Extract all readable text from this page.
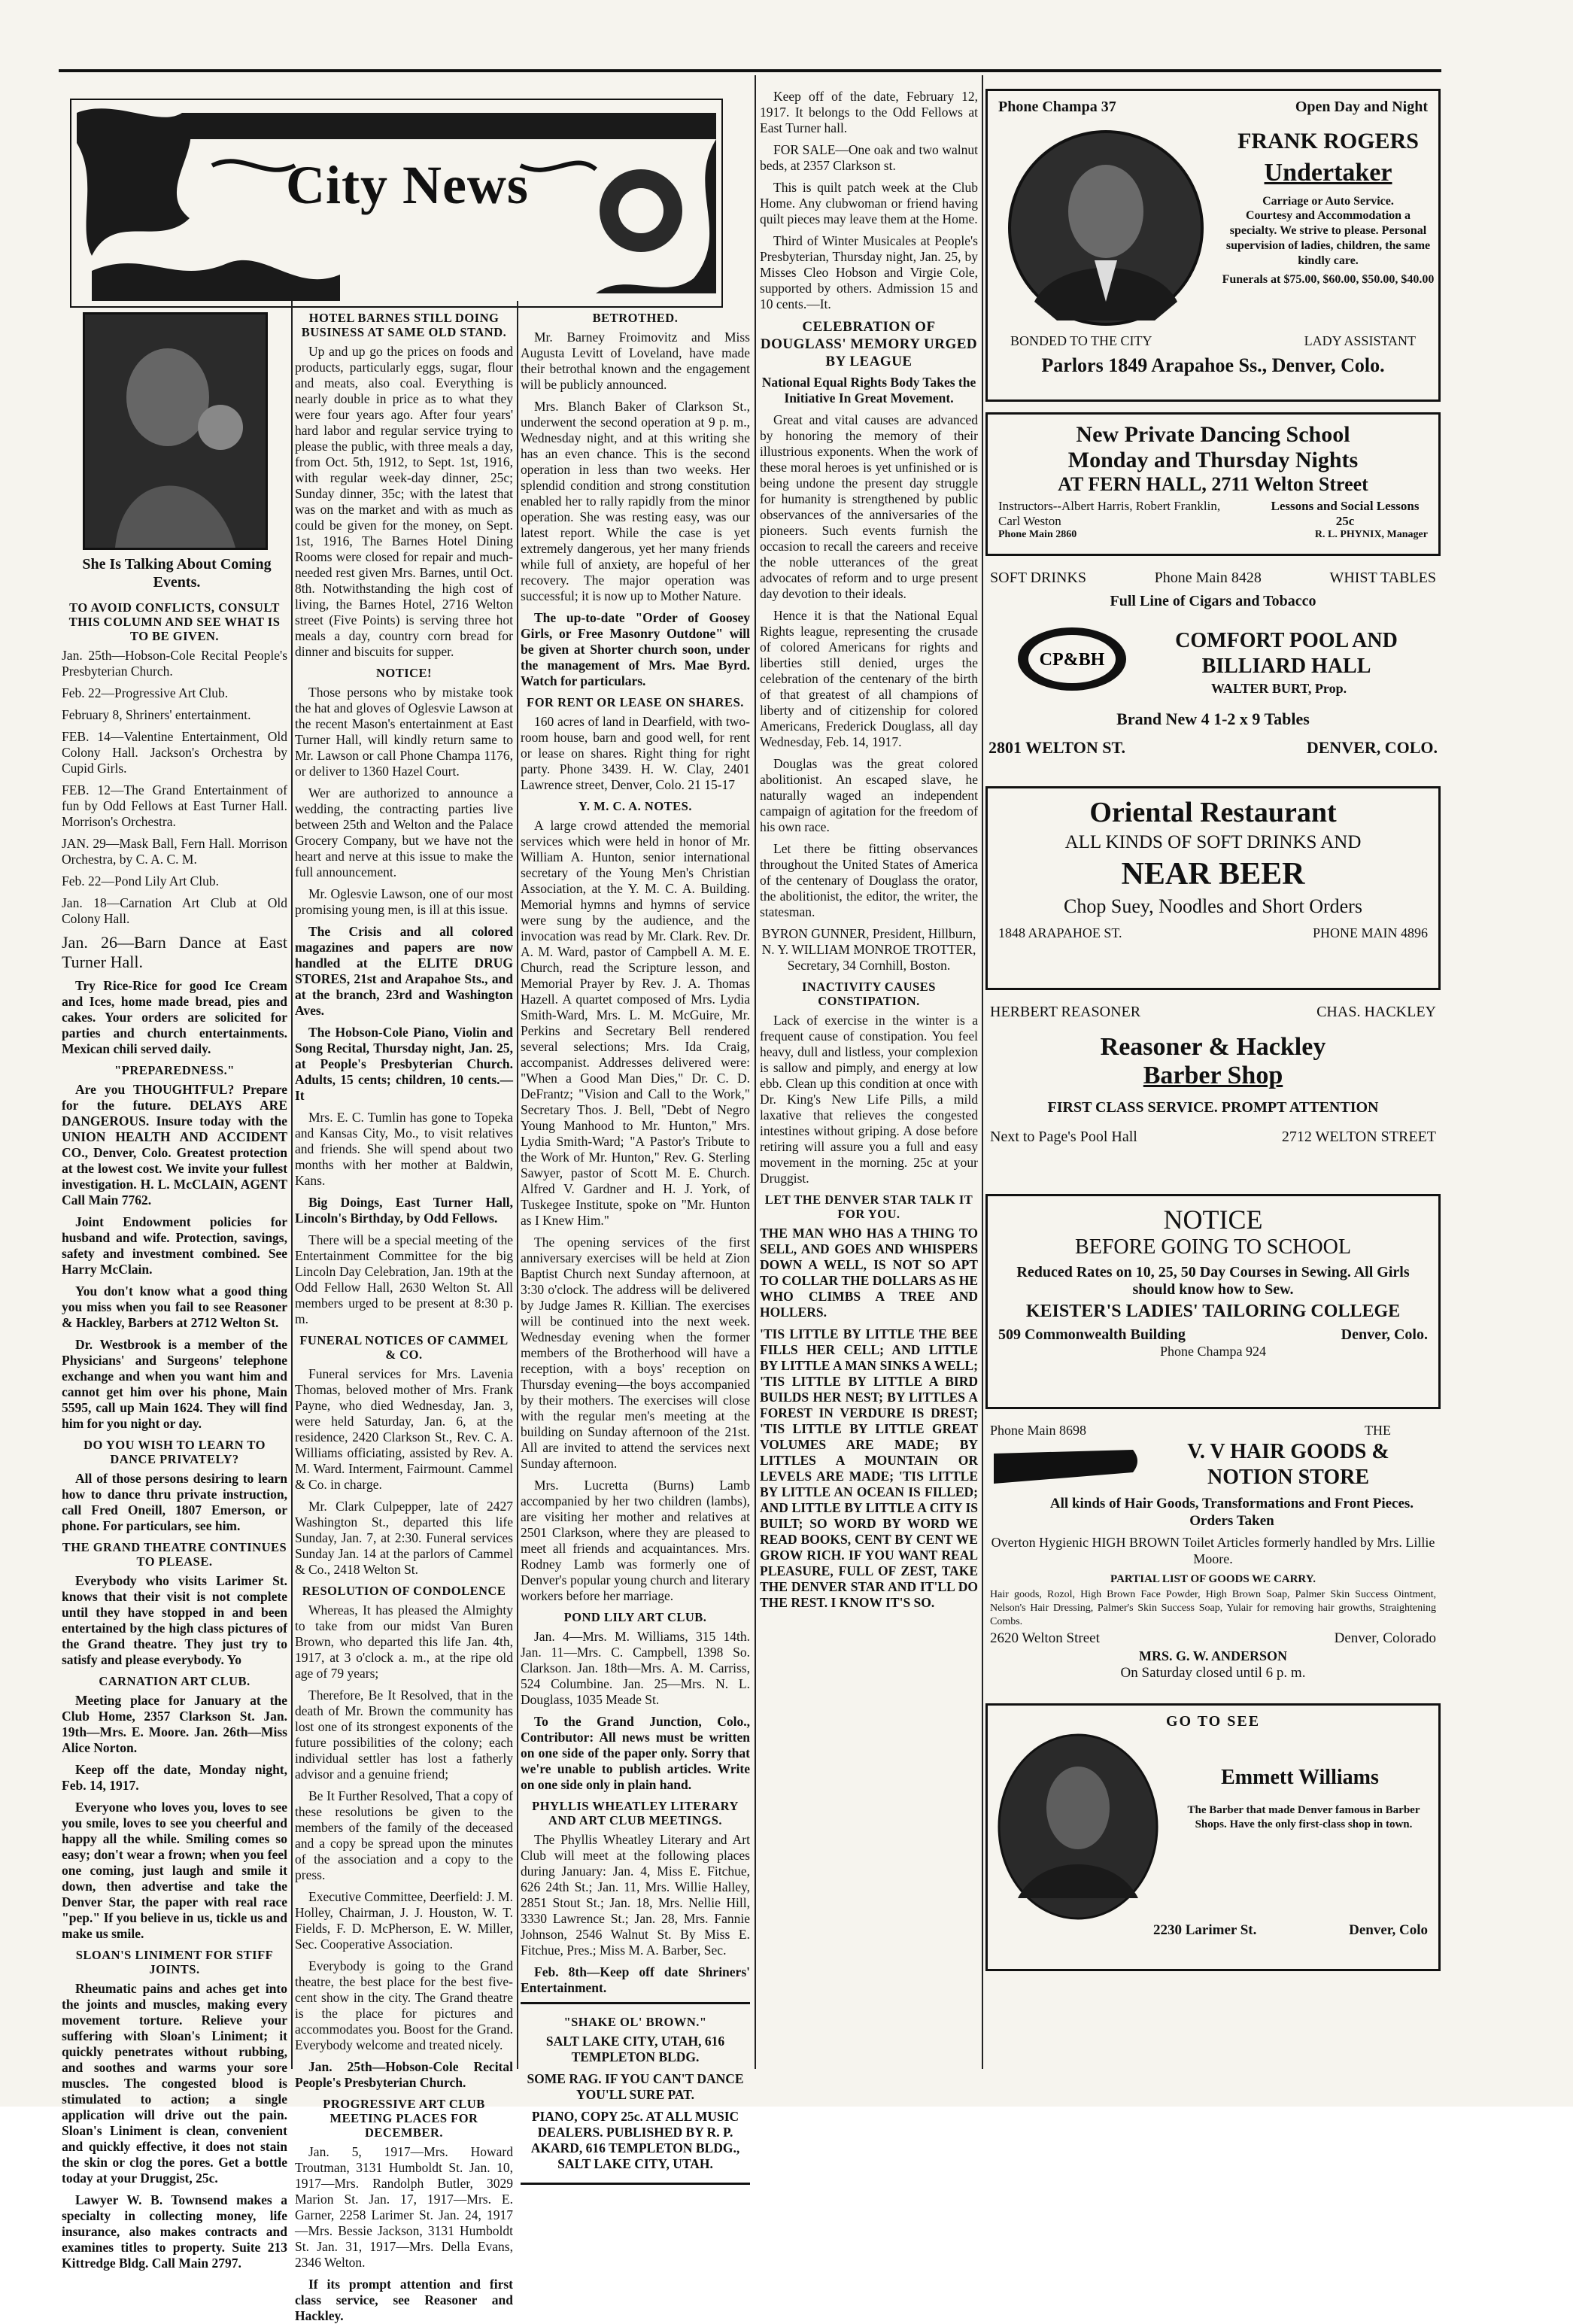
City News
She Is Talking About Coming Events.
TO AVOID CONFLICTS, CONSULT THIS COLUMN AND SEE WHAT IS TO BE GIVEN.

Jan. 25th—Hobson-Cole Recital People's Presbyterian Church.

Feb. 22—Progressive Art Club.

February 8, Shriners' entertainment.

FEB. 14—Valentine Entertainment, Old Colony Hall. Jackson's Orchestra by Cupid Girls.

FEB. 12—The Grand Entertainment of fun by Odd Fellows at East Turner Hall. Morrison's Orchestra.

JAN. 29—Mask Ball, Fern Hall. Morrison Orchestra, by C. A. C. M.

Feb. 22—Pond Lily Art Club.

Jan. 18—Carnation Art Club at Old Colony Hall.

Jan. 26—Barn Dance at East Turner Hall.

Try Rice-Rice for good Ice Cream and Ices, home made bread, pies and cakes. Your orders are solicited for parties and church entertainments. Mexican chili served daily.

"PREPAREDNESS."

Are you THOUGHTFUL? Prepare for the future. DELAYS ARE DANGEROUS. Insure today with the UNION HEALTH AND ACCIDENT CO., Denver, Colo. Greatest protection at the lowest cost. We invite your fullest investigation. H. L. McCLAIN, AGENT Call Main 7762.

Joint Endowment policies for husband and wife. Protection, savings, safety and investment combined. See Harry McClain.

You don't know what a good thing you miss when you fail to see Reasoner & Hackley, Barbers at 2712 Welton St.

Dr. Westbrook is a member of the Physicians' and Surgeons' telephone exchange and when you want him and cannot get him over his phone, Main 5595, call up Main 1624. They will find him for you night or day.

DO YOU WISH TO LEARN TO DANCE PRIVATELY?

All of those persons desiring to learn how to dance thru private instruction, call Fred Oneill, 1807 Emerson, or phone. For particulars, see him.

THE GRAND THEATRE CONTINUES TO PLEASE.

Everybody who visits Larimer St. knows that their visit is not complete until they have stopped in and been entertained by the high class pictures of the Grand theatre. They just try to satisfy and please everybody. Yo

CARNATION ART CLUB.

Meeting place for January at the Club Home, 2357 Clarkson St. Jan. 19th—Mrs. E. Moore. Jan. 26th—Miss Alice Norton.

Keep off the date, Monday night, Feb. 14, 1917.

Everyone who loves you, loves to see you smile, loves to see you cheerful and happy all the while. Smiling comes so easy; don't wear a frown; when you feel one coming, just laugh and smile it down, then advertise and take the Denver Star, the paper with real race "pep." If you believe in us, tickle us and make us smile.

SLOAN'S LINIMENT FOR STIFF JOINTS.

Rheumatic pains and aches get into the joints and muscles, making every movement torture. Relieve your suffering with Sloan's Liniment; it quickly penetrates without rubbing, and soothes and warms your sore muscles. The congested blood is stimulated to action; a single application will drive out the pain. Sloan's Liniment is clean, convenient and quickly effective, it does not stain the skin or clog the pores. Get a bottle today at your Druggist, 25c.

Lawyer W. B. Townsend makes a specialty in collecting money, life insurance, also makes contracts and examines titles to property. Suite 213 Kittredge Bldg. Call Main 2797.

HOTEL BARNES STILL DOING BUSINESS AT SAME OLD STAND.

Up and up go the prices on foods and products, particularly eggs, sugar, flour and meats, also coal. Everything is nearly double in price as to what they were four years ago. After four years' hard labor and regular service trying to please the public, with three meals a day, from Oct. 5th, 1912, to Sept. 1st, 1916, with regular week-day dinner, 25c; Sunday dinner, 35c; with the latest that was on the market and with as much as could be given for the money, on Sept. 1st, 1916, The Barnes Hotel Dining Rooms were closed for repair and much-needed rest given Mrs. Barnes, until Oct. 8th. Notwithstanding the high cost of living, the Barnes Hotel, 2716 Welton street (Five Points) is serving three hot meals a day, country corn bread for dinner and biscuits for supper.

NOTICE!

Those persons who by mistake took the hat and gloves of Oglesvie Lawson at the recent Mason's entertainment at East Turner Hall, will kindly return same to Mr. Lawson or call Phone Champa 1176, or deliver to 1360 Hazel Court.

Wer are authorized to announce a wedding, the contracting parties live between 25th and Welton and the Palace Grocery Company, but we have not the heart and nerve at this issue to make the full announcement.

Mr. Oglesvie Lawson, one of our most promising young men, is ill at this issue.

The Crisis and all colored magazines and papers are now handled at the ELITE DRUG STORES, 21st and Arapahoe Sts., and at the branch, 23rd and Washington Aves.

The Hobson-Cole Piano, Violin and Song Recital, Thursday night, Jan. 25, at People's Presbyterian Church. Adults, 15 cents; children, 10 cents.—It

Mrs. E. C. Tumlin has gone to Topeka and Kansas City, Mo., to visit relatives and friends. She will spend about two months with her mother at Baldwin, Kans.

Big Doings, East Turner Hall, Lincoln's Birthday, by Odd Fellows.

There will be a special meeting of the Entertainment Committee for the big Lincoln Day Celebration, Jan. 19th at the Odd Fellow Hall, 2630 Welton St. All members urged to be present at 8:30 p. m.

FUNERAL NOTICES OF CAMMEL & CO.

Funeral services for Mrs. Lavenia Thomas, beloved mother of Mrs. Frank Payne, who died Wednesday, Jan. 3, were held Saturday, Jan. 6, at the residence, 2420 Clarkson St., Rev. C. A. Williams officiating, assisted by Rev. A. M. Ward. Interment, Fairmount. Cammel & Co. in charge.

Mr. Clark Culpepper, late of 2427 Washington St., departed this life Sunday, Jan. 7, at 2:30. Funeral services Sunday Jan. 14 at the parlors of Cammel & Co., 2418 Welton St.

RESOLUTION OF CONDOLENCE

Whereas, It has pleased the Almighty to take from our midst Van Buren Brown, who departed this life Jan. 4th, 1917, at 3 o'clock a. m., at the ripe old age of 79 years;

Therefore, Be It Resolved, that in the death of Mr. Brown the community has lost one of its strongest exponents of the future possibilities of the colony; each individual settler has lost a fatherly advisor and a genuine friend;

Be It Further Resolved, That a copy of these resolutions be given to the members of the family of the deceased and a copy be spread upon the minutes of the association and a copy to the press.

Executive Committee, Deerfield: J. M. Holley, Chairman, J. J. Houston, W. T. Fields, F. D. McPherson, E. W. Miller, Sec. Cooperative Association.

Everybody is going to the Grand theatre, the best place for the best five-cent show in the city. The Grand theatre is the place for pictures and accommodates you. Boost for the Grand. Everybody welcome and treated nicely.

Jan. 25th—Hobson-Cole Recital People's Presbyterian Church.

PROGRESSIVE ART CLUB MEETING PLACES FOR DECEMBER.

Jan. 5, 1917—Mrs. Howard Troutman, 3131 Humboldt St. Jan. 10, 1917—Mrs. Randolph Butler, 3029 Marion St. Jan. 17, 1917—Mrs. E. Garner, 2258 Larimer St. Jan. 24, 1917—Mrs. Bessie Jackson, 3131 Humboldt St. Jan. 31, 1917—Mrs. Della Evans, 2346 Welton.

If its prompt attention and first class service, see Reasoner and Hackley.

BETROTHED.

Mr. Barney Froimovitz and Miss Augusta Levitt of Loveland, have made their betrothal known and the engagement will be publicly announced.

Mrs. Blanch Baker of Clarkson St., underwent the second operation at 9 p. m., Wednesday night, and at this writing she has an even chance. This is the second operation in less than two weeks. Her splendid condition and strong constitution enabled her to rally rapidly from the minor operation. She was resting easy, was our latest report. While the case is yet extremely dangerous, yet her many friends while full of anxiety, are hopeful of her recovery. The major operation was successful; it is now up to Mother Nature.

The up-to-date "Order of Goosey Girls, or Free Masonry Outdone" will be given at Shorter church soon, under the management of Mrs. Mae Byrd. Watch for particulars.

FOR RENT OR LEASE ON SHARES.

160 acres of land in Dearfield, with two-room house, barn and good well, for rent or lease on shares. Right thing for right party. Phone 3439. H. W. Clay, 2401 Lawrence street, Denver, Colo. 21 15-17

Y. M. C. A. NOTES.

A large crowd attended the memorial services which were held in honor of Mr. William A. Hunton, senior international secretary of the Young Men's Christian Association, at the Y. M. C. A. Building. Memorial hymns and hymns of service were sung by the audience, and the invocation was read by Mr. Clark. Rev. Dr. A. M. Ward, pastor of Campbell A. M. E. Church, read the Scripture lesson, and Memorial Prayer by Rev. J. A. Thomas Hazell. A quartet composed of Mrs. Lydia Smith-Ward, Mrs. L. M. McGuire, Mr. Perkins and Secretary Bell rendered several selections; Mrs. Ida Craig, accompanist. Addresses delivered were: "When a Good Man Dies," Dr. C. D. DeFrantz; "Vision and Call to the Work," Secretary Thos. J. Bell, "Debt of Negro Young Manhood to Mr. Hunton," Mrs. Lydia Smith-Ward; "A Pastor's Tribute to the Work of Mr. Hunton," Rev. G. Sterling Sawyer, pastor of Scott M. E. Church. Alfred V. Gardner and H. J. York, of Tuskegee Institute, spoke on "Mr. Hunton as I Knew Him."

The opening services of the first anniversary exercises will be held at Zion Baptist Church next Sunday afternoon, at 3:30 o'clock. The address will be delivered by Judge James R. Killian. The exercises will be continued into the next week. Wednesday evening when the former members of the Brotherhood will have a reception, with a boys' reception on Thursday evening—the boys accompanied by their mothers. The exercises will close with the regular men's meeting at the building on Sunday afternoon of the 21st. All are invited to attend the services next Sunday afternoon.

Mrs. Lucretta (Burns) Lamb accompanied by her two children (lambs), are visiting her mother and relatives at 2501 Clarkson, where they are pleased to meet all friends and acquaintances. Mrs. Rodney Lamb was formerly one of Denver's popular young church and literary workers before her marriage.

POND LILY ART CLUB.

Jan. 4—Mrs. M. Williams, 315 14th. Jan. 11—Mrs. C. Campbell, 1398 So. Clarkson. Jan. 18th—Mrs. A. M. Carriss, 524 Columbine. Jan. 25—Mrs. N. L. Douglass, 1035 Meade St.

To the Grand Junction, Colo., Contributor: All news must be written on one side of the paper only. Sorry that we're unable to publish articles. Write on one side only in plain hand.

PHYLLIS WHEATLEY LITERARY AND ART CLUB MEETINGS.

The Phyllis Wheatley Literary and Art Club will meet at the following places during January: Jan. 4, Miss E. Fitchue, 626 24th St.; Jan. 11, Mrs. Willie Halley, 2851 Stout St.; Jan. 18, Mrs. Nellie Hill, 3330 Lawrence St.; Jan. 28, Mrs. Fannie Johnson, 2546 Walnut St. By Miss E. Fitchue, Pres.; Miss M. A. Barber, Sec.

Feb. 8th—Keep off date Shriners' Entertainment.

"SHAKE OL' BROWN."

SALT LAKE CITY, UTAH, 616 TEMPLETON BLDG.

SOME RAG. IF YOU CAN'T DANCE YOU'LL SURE PAT.

PIANO, COPY 25c. AT ALL MUSIC DEALERS. PUBLISHED BY R. P. AKARD, 616 TEMPLETON BLDG., SALT LAKE CITY, UTAH.

Keep off of the date, February 12, 1917. It belongs to the Odd Fellows at East Turner hall.

FOR SALE—One oak and two walnut beds, at 2357 Clarkson st.

This is quilt patch week at the Club Home. Any clubwoman or friend having quilt pieces may leave them at the Home.

Third of Winter Musicales at People's Presbyterian, Thursday night, Jan. 25, by Misses Cleo Hobson and Virgie Cole, supported by others. Admission 15 and 10 cents.—It.

CELEBRATION OF DOUGLASS' MEMORY URGED BY LEAGUE

National Equal Rights Body Takes the Initiative In Great Movement.

Great and vital causes are advanced by honoring the memory of their illustrious exponents. When the work of these moral heroes is yet unfinished or is being undone the present day struggle for humanity is strengthened by public observances of the anniversaries of the pioneers. Such events furnish the occasion to recall the careers and receive the noble utterances of the great advocates of reform and to urge present day devotion to their ideals.

Hence it is that the National Equal Rights league, representing the crusade of colored Americans for rights and liberties still denied, urges the celebration of the centenary of the birth of that greatest of all champions of liberty and of citizenship for colored Americans, Frederick Douglass, all day Wednesday, Feb. 14, 1917.

Douglas was the great colored abolitionist. An escaped slave, he naturally waged an independent campaign of agitation for the freedom of his own race.

Let there be fitting observances throughout the United States of America of the centenary of Douglass the orator, the abolitionist, the editor, the writer, the statesman.

BYRON GUNNER, President, Hillburn, N. Y. WILLIAM MONROE TROTTER, Secretary, 34 Cornhill, Boston.

INACTIVITY CAUSES CONSTIPATION.

Lack of exercise in the winter is a frequent cause of constipation. You feel heavy, dull and listless, your complexion is sallow and pimply, and energy at low ebb. Clean up this condition at once with Dr. King's New Life Pills, a mild laxative that relieves the congested intestines without griping. A dose before retiring will assure you a full and easy movement in the morning. 25c at your Druggist.

LET THE DENVER STAR TALK IT FOR YOU.

THE MAN WHO HAS A THING TO SELL, AND GOES AND WHISPERS DOWN A WELL, IS NOT SO APT TO COLLAR THE DOLLARS AS HE WHO CLIMBS A TREE AND HOLLERS.

'TIS LITTLE BY LITTLE THE BEE FILLS HER CELL; AND LITTLE BY LITTLE A MAN SINKS A WELL; 'TIS LITTLE BY LITTLE A BIRD BUILDS HER NEST; BY LITTLES A FOREST IN VERDURE IS DREST; 'TIS LITTLE BY LITTLE GREAT VOLUMES ARE MADE; BY LITTLES A MOUNTAIN OR LEVELS ARE MADE; 'TIS LITTLE BY LITTLE AN OCEAN IS FILLED; AND LITTLE BY LITTLE A CITY IS BUILT; SO WORD BY WORD WE READ BOOKS, CENT BY CENT WE GROW RICH. IF YOU WANT REAL PLEASURE, FULL OF ZEST, TAKE THE DENVER STAR AND IT'LL DO THE REST. I KNOW IT'S SO.

Phone Champa 37	Open Day and Night
FRANK ROGERS
Undertaker
Carriage or Auto Service.
Courtesy and Accommodation a specialty. We strive to please. Personal supervision of ladies, children, the same kindly care.
Funerals at $75.00, $60.00, $50.00, $40.00
BONDED TO THE CITY	LADY ASSISTANT
Parlors 1849 Arapahoe Ss., Denver, Colo.
New Private Dancing School
Monday and Thursday Nights
AT FERN HALL, 2711 Welton Street
Instructors--Albert Harris, Robert Franklin, Carl Weston
Lessons and Social Lessons 25c
Phone Main 2860	R. L. PHYNIX, Manager
SOFT DRINKS	Phone Main 8428	WHIST TABLES
Full Line of Cigars and Tobacco
CP&BH
COMFORT POOL AND BILLIARD HALL
WALTER BURT, Prop.
Brand New 4 1-2 x 9 Tables
2801 WELTON ST.	DENVER, COLO.
Oriental Restaurant
ALL KINDS OF SOFT DRINKS AND
NEAR BEER
Chop Suey, Noodles and Short Orders
1848 ARAPAHOE ST.	PHONE MAIN 4896
HERBERT REASONER	CHAS. HACKLEY
Reasoner & Hackley
Barber Shop
FIRST CLASS SERVICE. PROMPT ATTENTION
Next to Page's Pool Hall	2712 WELTON STREET
NOTICE
BEFORE GOING TO SCHOOL
Reduced Rates on 10, 25, 50 Day Courses in Sewing. All Girls should know how to Sew.
KEISTER'S LADIES' TAILORING COLLEGE
509 Commonwealth Building	Denver, Colo.
Phone Champa 924
Phone Main 8698	THE
V. V HAIR GOODS & NOTION STORE
All kinds of Hair Goods, Transformations and Front Pieces. Orders Taken
Overton Hygienic HIGH BROWN Toilet Articles formerly handled by Mrs. Lillie Moore.
PARTIAL LIST OF GOODS WE CARRY.
Hair goods, Rozol, High Brown Face Powder, High Brown Soap, Palmer Skin Success Ointment, Nelson's Hair Dressing, Palmer's Skin Success Soap, Yulair for removing hair growths, Straightening Combs.
2620 Welton Street	Denver, Colorado
MRS. G. W. ANDERSON
On Saturday closed until 6 p. m.
GO TO SEE
Emmett Williams
The Barber that made Denver famous in Barber Shops. Have the only first-class shop in town.
2230 Larimer St.	Denver, Colo
